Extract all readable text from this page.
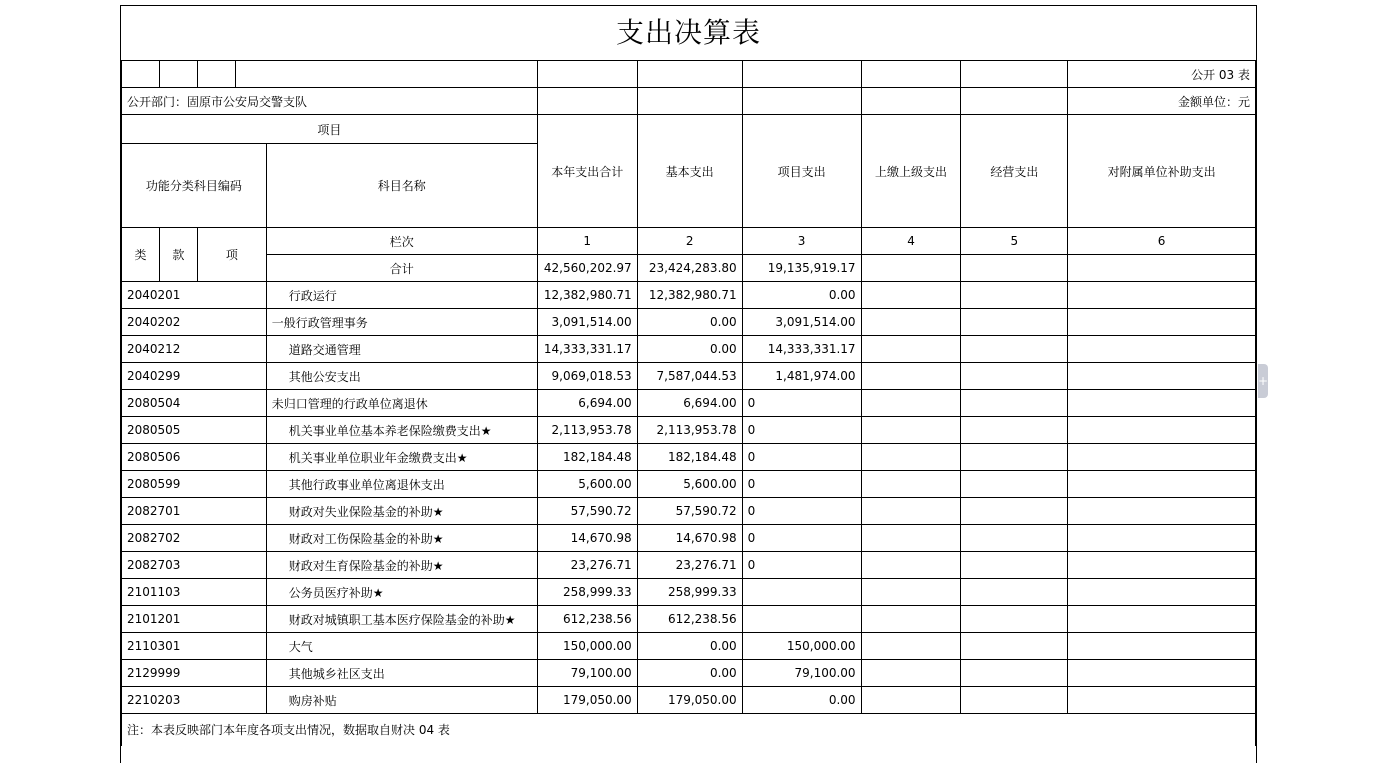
支出决算表
										公开 03 表
公开部门：固原市公安局交警支队										金额单位：元
项目					本年支出合计	基本支出	项目支出	上缴上级支出	经营支出	对附属单位补助支出
功能分类科目编码				科目名称						
类	款	项		栏次	1	2	3	4	5	6
				合计	42,560,202.97	23,424,283.80	19,135,919.17			
2040201				行政运行	12,382,980.71	12,382,980.71	0.00			
2040202				一般行政管理事务	3,091,514.00	0.00	3,091,514.00			
2040212				道路交通管理	14,333,331.17	0.00	14,333,331.17			
2040299				其他公安支出	9,069,018.53	7,587,044.53	1,481,974.00			
2080504				未归口管理的行政单位离退休	6,694.00	6,694.00	0			
2080505				机关事业单位基本养老保险缴费支出★	2,113,953.78	2,113,953.78	0			
2080506				机关事业单位职业年金缴费支出★	182,184.48	182,184.48	0			
2080599				其他行政事业单位离退休支出	5,600.00	5,600.00	0			
2082701				财政对失业保险基金的补助★	57,590.72	57,590.72	0			
2082702				财政对工伤保险基金的补助★	14,670.98	14,670.98	0			
2082703				财政对生育保险基金的补助★	23,276.71	23,276.71	0			
2101103				公务员医疗补助★	258,999.33	258,999.33				
2101201				财政对城镇职工基本医疗保险基金的补助★	612,238.56	612,238.56				
2110301				大气	150,000.00	0.00	150,000.00			
2129999				其他城乡社区支出	79,100.00	0.00	79,100.00			
2210203				购房补贴	179,050.00	179,050.00	0.00			
注：本表反映部门本年度各项支出情况，数据取自财决 04 表										
+
